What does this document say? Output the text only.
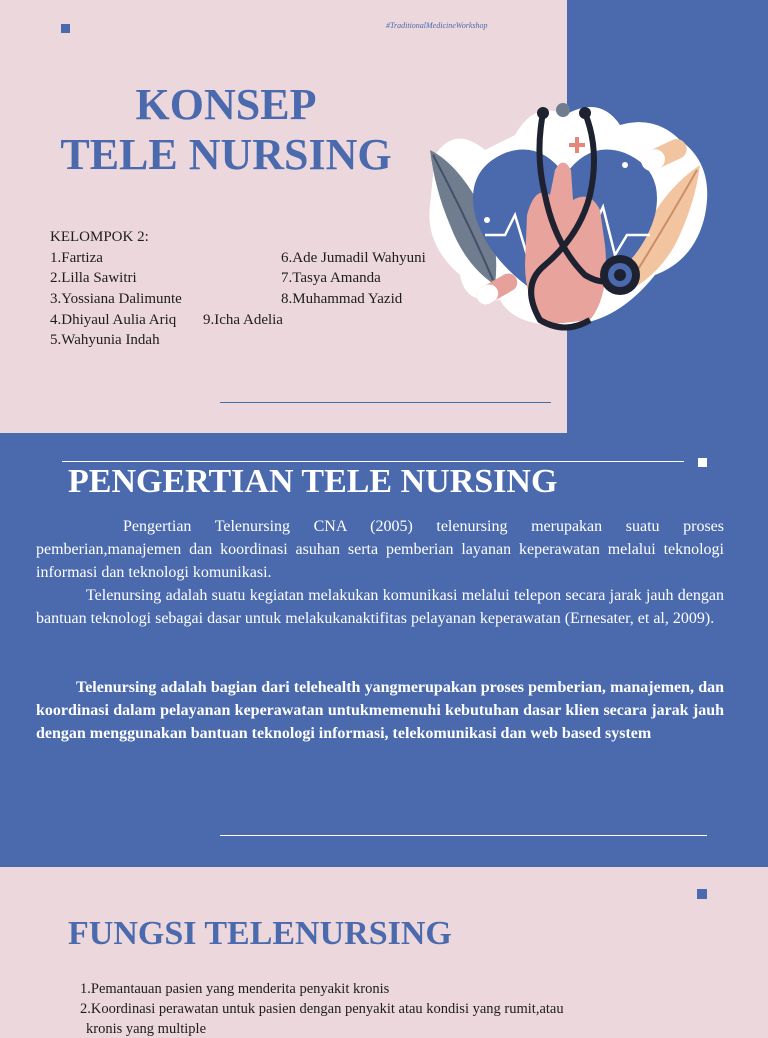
#TraditionalMedicineWorkshop
KONSEP
TELE NURSING
KELOMPOK 2:
1.Fartiza
2.Lilla Sawitri
3.Yossiana Dalimunte
4.Dhiyaul Aulia Ariq
5.Wahyunia Indah
6.Ade Jumadil Wahyuni
7.Tasya Amanda
8.Muhammad Yazid
9.Icha Adelia
PENGERTIAN TELE NURSING

Pengertian Telenursing CNA (2005) telenursing merupakan suatu proses pemberian,manajemen dan koordinasi asuhan serta pemberian layanan keperawatan melalui teknologi informasi dan teknologi komunikasi.

Telenursing adalah suatu kegiatan melakukan komunikasi melalui telepon secara jarak jauh dengan bantuan teknologi sebagai dasar untuk melakukanaktifitas pelayanan keperawatan (Ernesater, et al, 2009).

Telenursing adalah bagian dari telehealth yangmerupakan proses pemberian, manajemen, dan koordinasi dalam pelayanan keperawatan untukmemenuhi kebutuhan dasar klien secara jarak jauh dengan menggunakan bantuan teknologi informasi, telekomunikasi dan web based system

FUNGSI TELENURSING
1.Pemantauan pasien yang menderita penyakit kronis
2.Koordinasi perawatan untuk pasien dengan penyakit atau kondisi yang rumit,atau
kronis yang multiple
